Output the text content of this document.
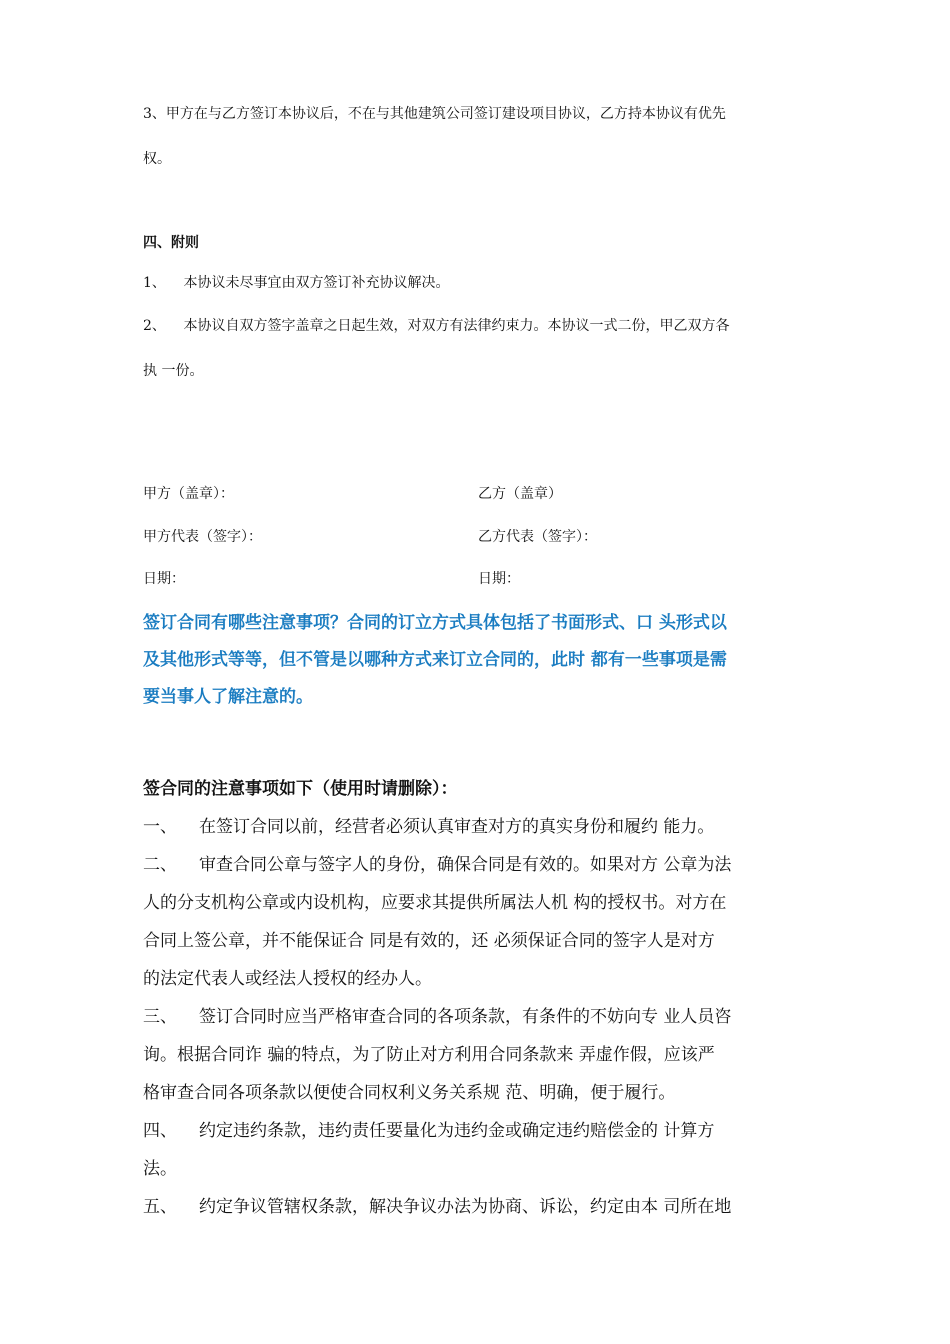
3、甲方在与乙方签订本协议后，不在与其他建筑公司签订建设项目协议，乙方持本协议有优先

权。

四、附则
1、 本协议未尽事宜由双方签订补充协议解决。
2、 本协议自双方签字盖章之日起生效，对双方有法律约束力。本协议一式二份，甲乙双方各
执 一份。
甲方（盖章）：	乙方（盖章）
甲方代表（签字）：	乙方代表（签字）：
日期：	日期：

签订合同有哪些注意事项？合同的订立方式具体包括了书面形式、口 头形式以

及其他形式等等，但不管是以哪种方式来订立合同的，此时 都有一些事项是需

要当事人了解注意的。

签合同的注意事项如下（使用时请删除）：

一、 在签订合同以前，经营者必须认真审查对方的真实身份和履约 能力。

二、 审查合同公章与签字人的身份，确保合同是有效的。如果对方 公章为法

人的分支机构公章或内设机构，应要求其提供所属法人机 构的授权书。对方在

合同上签公章，并不能保证合 同是有效的，还 必须保证合同的签字人是对方

的法定代表人或经法人授权的经办人。

三、 签订合同时应当严格审查合同的各项条款，有条件的不妨向专 业人员咨

询。根据合同诈 骗的特点，为了防止对方利用合同条款来 弄虚作假，应该严

格审查合同各项条款以便使合同权利义务关系规 范、明确，便于履行。

四、 约定违约条款，违约责任要量化为违约金或确定违约赔偿金的 计算方

法。

五、 约定争议管辖权条款，解决争议办法为协商、诉讼，约定由本 司所在地
